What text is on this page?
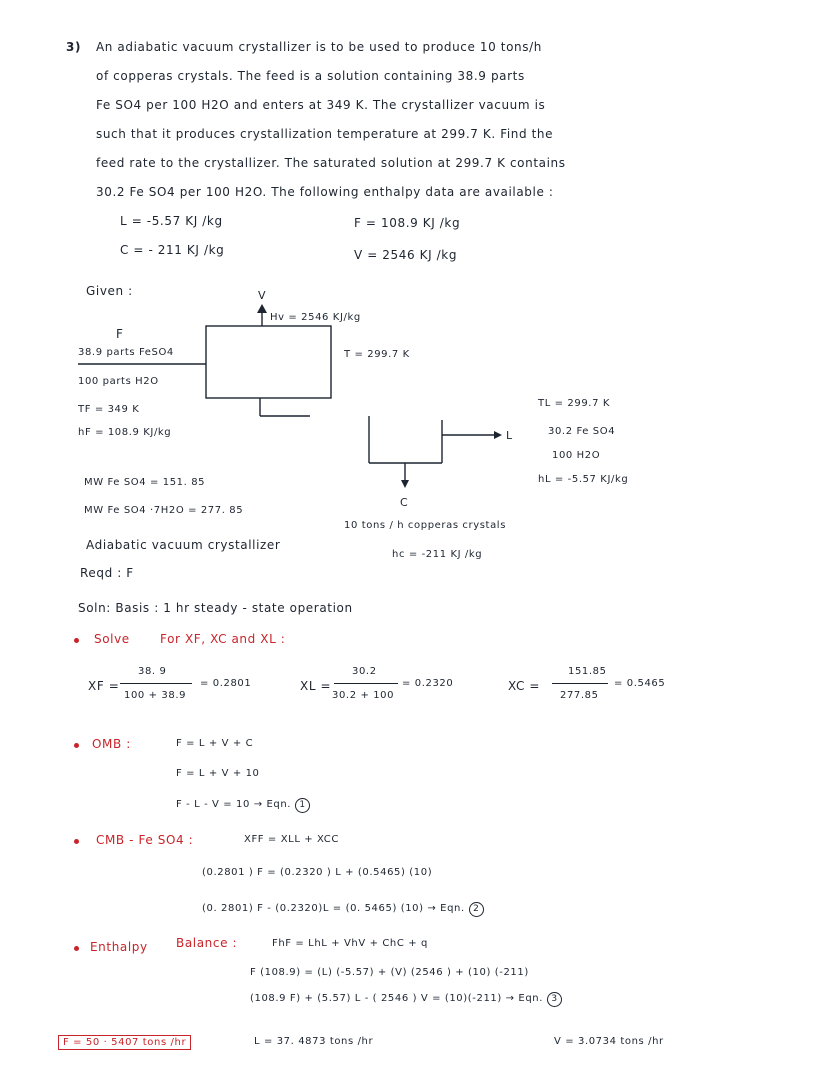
3) An adiabatic vacuum crystallizer is to be used to produce 10 tons/h
of copperas crystals. The feed is a solution containing 38.9 parts
Fe SO4 per 100 H2O and enters at 349 K. The crystallizer vacuum is
such that it produces crystallization temperature at 299.7 K. Find the
feed rate to the crystallizer. The saturated solution at 299.7 K contains
30.2 Fe SO4 per 100 H2O. The following enthalpy data are available :
L = -5.57 KJ /kg
C = - 211 KJ /kg
F = 108.9 KJ /kg
V = 2546 KJ /kg
Given :	V
Hv = 2546 KJ/kg
T = 299.7 K
F
38.9 parts FeSO4
100 parts H2O
TF = 349 K
hF = 108.9 KJ/kg	L
TL = 299.7 K
30.2 Fe SO4
100 H2O
hL = -5.57 KJ/kg
C
10 tons / h copperas crystals
hc = -211 KJ /kg
MW Fe SO4 = 151. 85
MW Fe SO4 ·7H2O = 277. 85
Adiabatic vacuum crystallizer
Reqd : F
Soln: Basis : 1 hr steady - state operation
Solve	For XF, XC and XL :
XF =
38. 9
100 + 38.9
= 0.2801	XL =
30.2
30.2 + 100
= 0.2320	XC =
151.85
277.85
= 0.5465
OMB :	F = L + V + C
F = L + V + 10
F - L - V = 10 → Eqn. 1
CMB - Fe SO4 :	XFF = XLL + XCC
(0.2801 ) F = (0.2320 ) L + (0.5465) (10)
(0. 2801) F - (0.2320)L = (0. 5465) (10) → Eqn. 2
Enthalpy Balance :	FhF = LhL + VhV + ChC + q
F (108.9) = (L) (-5.57) + (V) (2546 ) + (10) (-211)
(108.9 F) + (5.57) L - ( 2546 ) V = (10)(-211) → Eqn. 3
F = 50 · 5407 tons /hr	L = 37. 4873 tons /hr	V = 3.0734 tons /hr
